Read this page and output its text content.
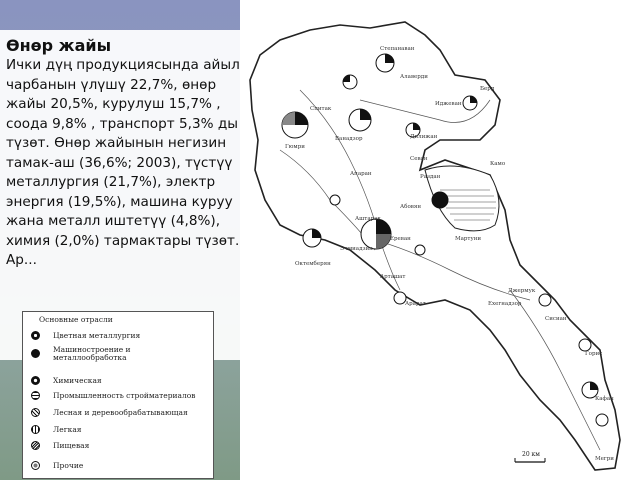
Өнөр жайы
Ички дүң продукциясында айыл чарбанын үлүшү 22,7%, өнөр жайы 20,5%, курулуш 15,7% , соода 9,8% , транспорт 5,3% ды түзөт. Өнөр жайынын негизин тамак-аш (36,6%; 2003), түстүү металлургия (21,7%), электр энергия (19,5%), машина куруу жана металл иштетүү (4,8%), химия (2,0%) тармактары түзөт. Ар...
Ереван
Гюмри
Ванадзор
Раздан
Севан
Иджеван
Дилижан
Абовян
Эчмиадзин
Октемберян
Арташат
Арарат	Ехегнадзор
Горис
Кафан
Мегри
Сисиан
Джермук
Мартуни
Камо
Спитак
Степанаван
Берд
Алаверди
Апаран
Аштарак
20 км
Основные отрасли
Цветная металлургия
Машиностроение и металлообработка
Химическая
Промышленность стройматериалов
Лесная и деревообрабатывающая
Легкая
Пищевая
Прочие
